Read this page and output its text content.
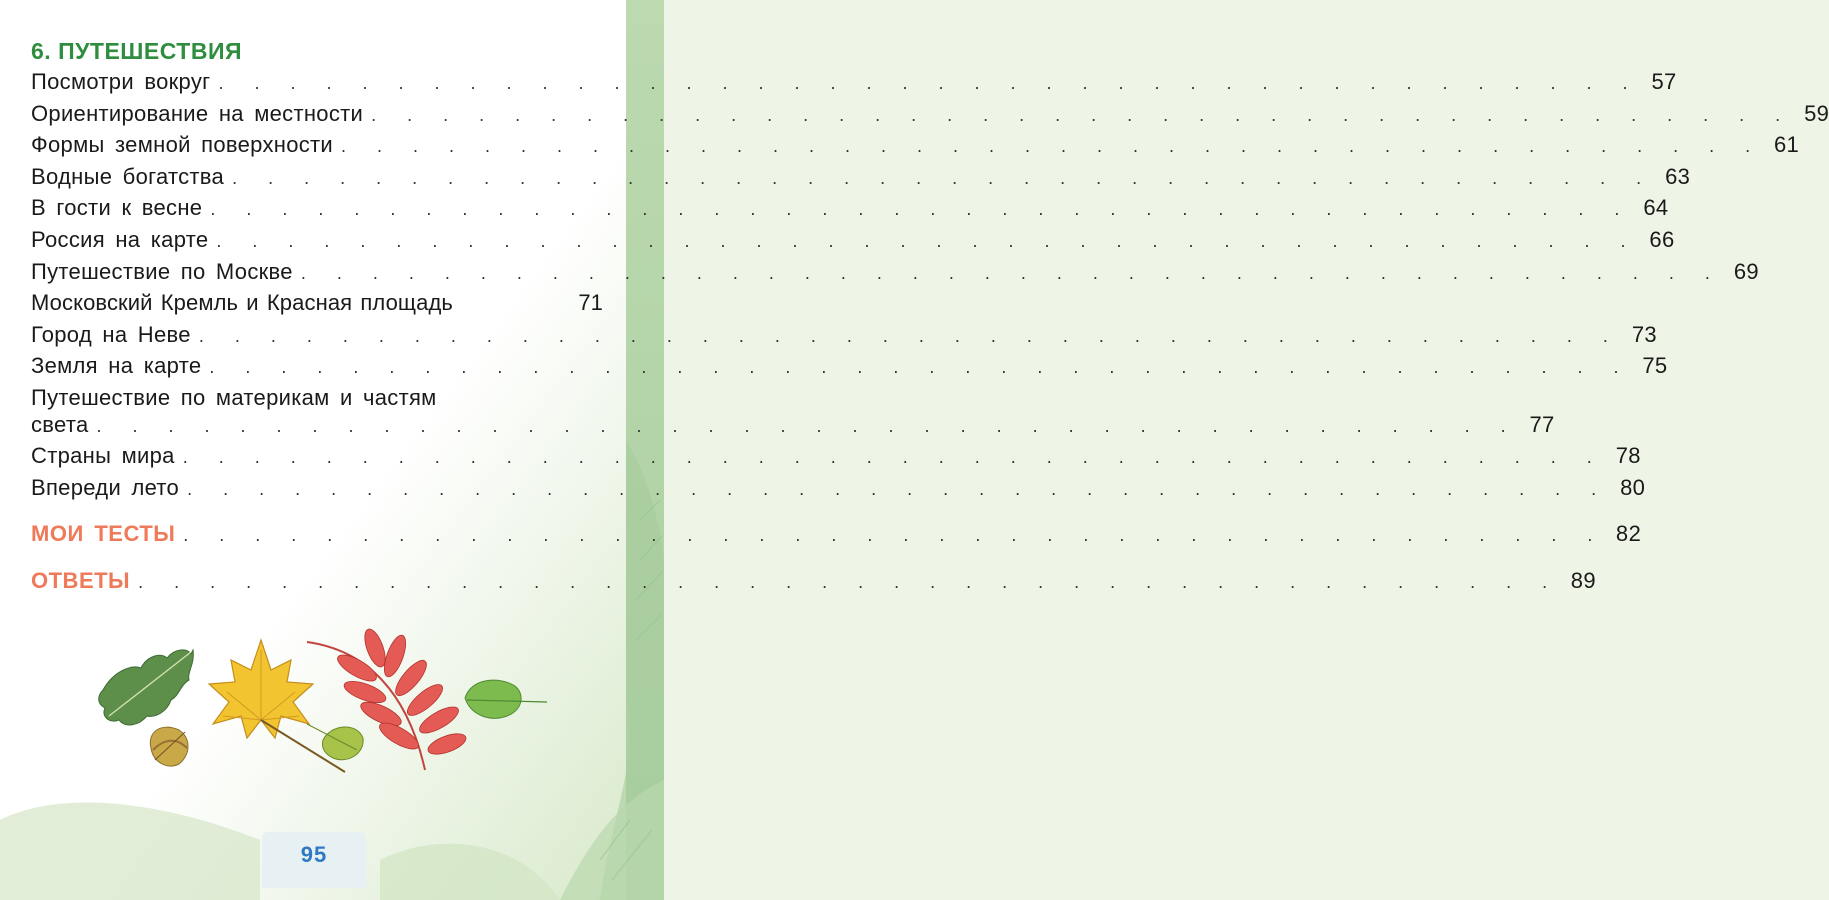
6. ПУТЕШЕСТВИЯ
Посмотри вокруг . . . . . . . . . . . . . . . . . . . . . . . . . . . . . . . . . . . . . . . . 57
Ориентирование на местности . . . . . . . . . . . . . . . . . . . . . . . . . . . . . . . . . . . . . . . . 59
Формы земной поверхности . . . . . . . . . . . . . . . . . . . . . . . . . . . . . . . . . . . . . . . . 61
Водные богатства . . . . . . . . . . . . . . . . . . . . . . . . . . . . . . . . . . . . . . . . 63
В гости к весне . . . . . . . . . . . . . . . . . . . . . . . . . . . . . . . . . . . . . . . . 64
Россия на карте . . . . . . . . . . . . . . . . . . . . . . . . . . . . . . . . . . . . . . . . 66
Путешествие по Москве . . . . . . . . . . . . . . . . . . . . . . . . . . . . . . . . . . . . . . . . 69
Московский Кремль и Красная площадь	71
Город на Неве . . . . . . . . . . . . . . . . . . . . . . . . . . . . . . . . . . . . . . . . 73
Земля на карте . . . . . . . . . . . . . . . . . . . . . . . . . . . . . . . . . . . . . . . . 75
Путешествие по материкам и частям
света . . . . . . . . . . . . . . . . . . . . . . . . . . . . . . . . . . . . . . . . 77
Страны мира . . . . . . . . . . . . . . . . . . . . . . . . . . . . . . . . . . . . . . . . 78
Впереди лето . . . . . . . . . . . . . . . . . . . . . . . . . . . . . . . . . . . . . . . . 80
МОИ ТЕСТЫ . . . . . . . . . . . . . . . . . . . . . . . . . . . . . . . . . . . . . . . . 82
ОТВЕТЫ . . . . . . . . . . . . . . . . . . . . . . . . . . . . . . . . . . . . . . . . 89
95
